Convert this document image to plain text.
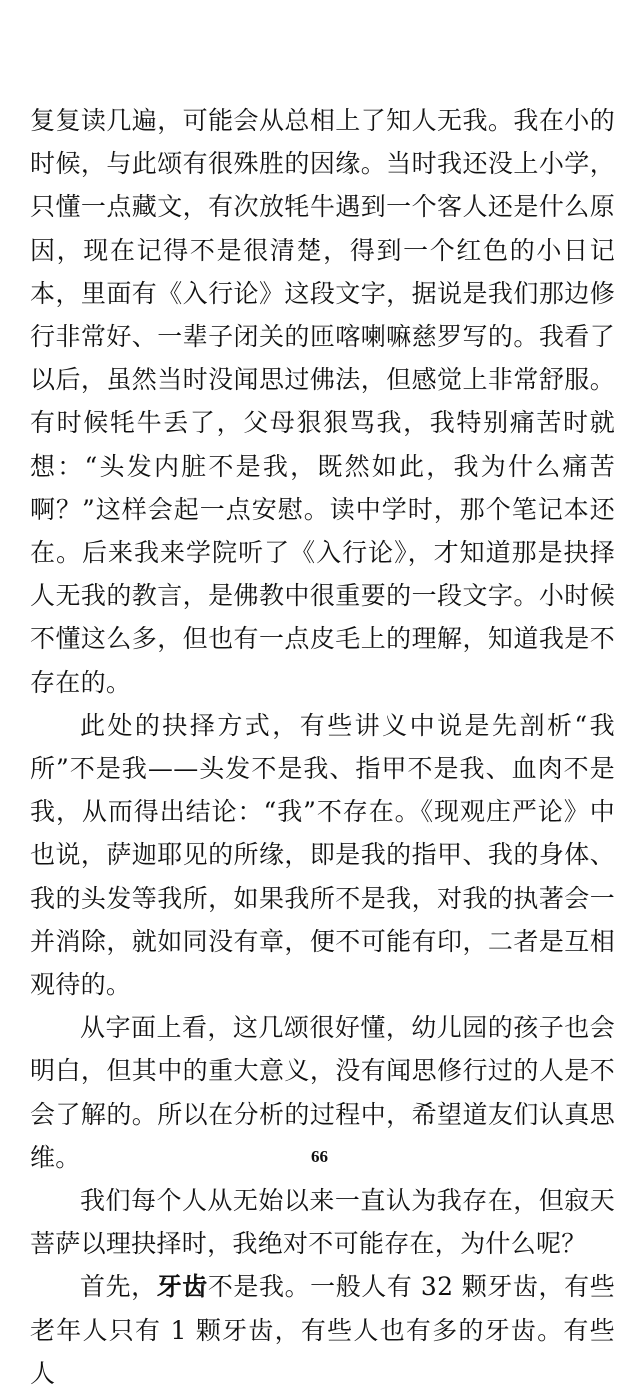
复复读几遍，可能会从总相上了知人无我。我在小的时候，与此颂有很殊胜的因缘。当时我还没上小学，只懂一点藏文，有次放牦牛遇到一个客人还是什么原因，现在记得不是很清楚，得到一个红色的小日记本，里面有《入行论》这段文字，据说是我们那边修行非常好、一辈子闭关的匝喀喇嘛慈罗写的。我看了以后，虽然当时没闻思过佛法，但感觉上非常舒服。有时候牦牛丢了，父母狠狠骂我，我特别痛苦时就想：“头发内脏不是我，既然如此，我为什么痛苦啊？”这样会起一点安慰。读中学时，那个笔记本还在。后来我来学院听了《入行论》，才知道那是抉择人无我的教言，是佛教中很重要的一段文字。小时候不懂这么多，但也有一点皮毛上的理解，知道我是不存在的。

此处的抉择方式，有些讲义中说是先剖析“我所”不是我——头发不是我、指甲不是我、血肉不是我，从而得出结论：“我”不存在。《现观庄严论》中也说，萨迦耶见的所缘，即是我的指甲、我的身体、我的头发等我所，如果我所不是我，对我的执著会一并消除，就如同没有章，便不可能有印，二者是互相观待的。

从字面上看，这几颂很好懂，幼儿园的孩子也会明白，但其中的重大意义，没有闻思修行过的人是不会了解的。所以在分析的过程中，希望道友们认真思维。

我们每个人从无始以来一直认为我存在，但寂天菩萨以理抉择时，我绝对不可能存在，为什么呢？

首先，牙齿不是我。一般人有 32 颗牙齿，有些老年人只有 1 颗牙齿，有些人也有多的牙齿。有些人

66
